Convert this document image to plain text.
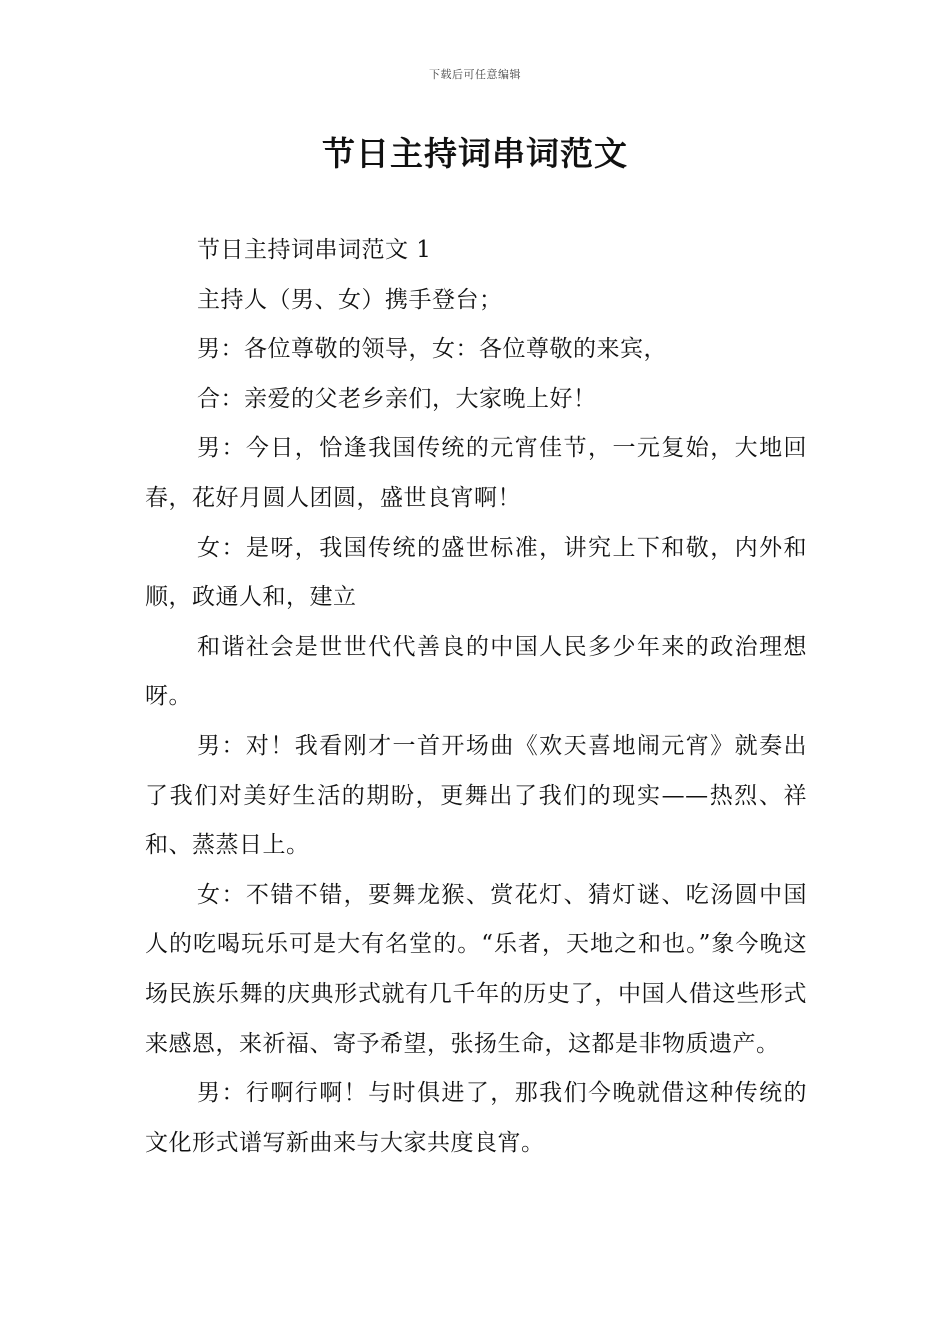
下载后可任意编辑
节日主持词串词范文

节日主持词串词范文 1

主持人（男、女）携手登台；

男：各位尊敬的领导，女：各位尊敬的来宾，

合：亲爱的父老乡亲们，大家晚上好！

男：今日，恰逢我国传统的元宵佳节，一元复始，大地回春，花好月圆人团圆，盛世良宵啊！

女：是呀，我国传统的盛世标准，讲究上下和敬，内外和顺，政通人和，建立

和谐社会是世世代代善良的中国人民多少年来的政治理想呀。

男：对！我看刚才一首开场曲《欢天喜地闹元宵》就奏出了我们对美好生活的期盼，更舞出了我们的现实——热烈、祥和、蒸蒸日上。

女：不错不错，要舞龙猴、赏花灯、猜灯谜、吃汤圆中国人的吃喝玩乐可是大有名堂的。“乐者，天地之和也。”象今晚这场民族乐舞的庆典形式就有几千年的历史了，中国人借这些形式来感恩，来祈福、寄予希望，张扬生命，这都是非物质遗产。

男：行啊行啊！与时俱进了，那我们今晚就借这种传统的文化形式谱写新曲来与大家共度良宵。
